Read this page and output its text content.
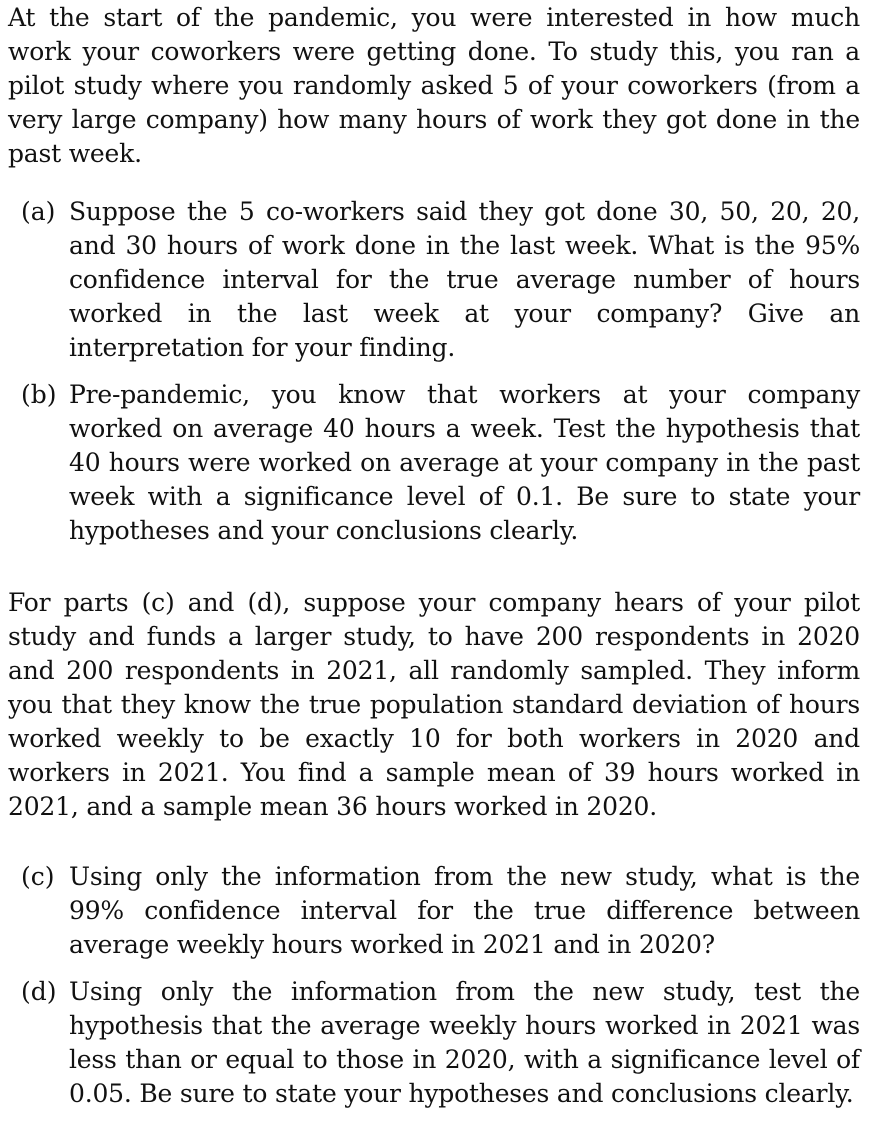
At the start of the pandemic, you were interested in how much work your coworkers were getting done. To study this, you ran a pilot study where you randomly asked 5 of your coworkers (from a very large company) how many hours of work they got done in the past week.

(a) Suppose the 5 co-workers said they got done 30, 50, 20, 20, and 30 hours of work done in the last week. What is the 95% confidence interval for the true average number of hours worked in the last week at your company? Give an interpretation for your finding.
(b) Pre-pandemic, you know that workers at your company worked on average 40 hours a week. Test the hypothesis that 40 hours were worked on average at your company in the past week with a significance level of 0.1. Be sure to state your hypotheses and your conclusions clearly.

For parts (c) and (d), suppose your company hears of your pilot study and funds a larger study, to have 200 respondents in 2020 and 200 respondents in 2021, all randomly sampled. They inform you that they know the true population standard deviation of hours worked weekly to be exactly 10 for both workers in 2020 and workers in 2021. You find a sample mean of 39 hours worked in 2021, and a sample mean 36 hours worked in 2020.

(c) Using only the information from the new study, what is the 99% confidence interval for the true difference between average weekly hours worked in 2021 and in 2020?
(d) Using only the information from the new study, test the hypothesis that the average weekly hours worked in 2021 was less than or equal to those in 2020, with a significance level of 0.05. Be sure to state your hypotheses and conclusions clearly.
